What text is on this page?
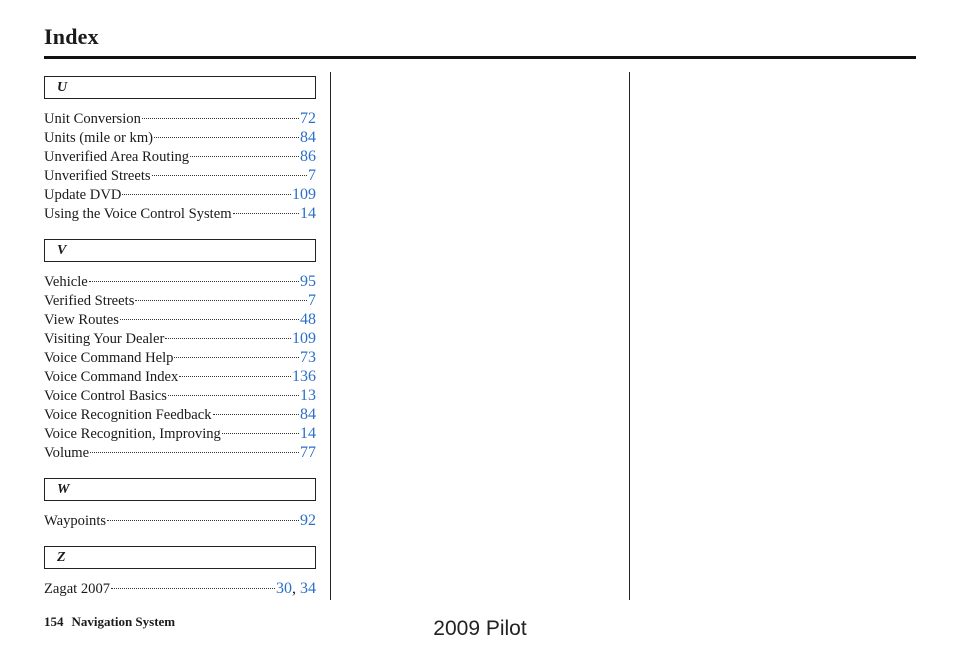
Index
U
Unit Conversion	72
Units (mile or km)	84
Unverified Area Routing	86
Unverified Streets	7
Update DVD	109
Using the Voice Control System	14
V
Vehicle	95
Verified Streets	7
View Routes	48
Visiting Your Dealer	109
Voice Command Help	73
Voice Command Index	136
Voice Control Basics	13
Voice Recognition Feedback	84
Voice Recognition, Improving	14
Volume	77
W
Waypoints	92
Z
Zagat 2007	30, 34
154 Navigation System	2009 Pilot
